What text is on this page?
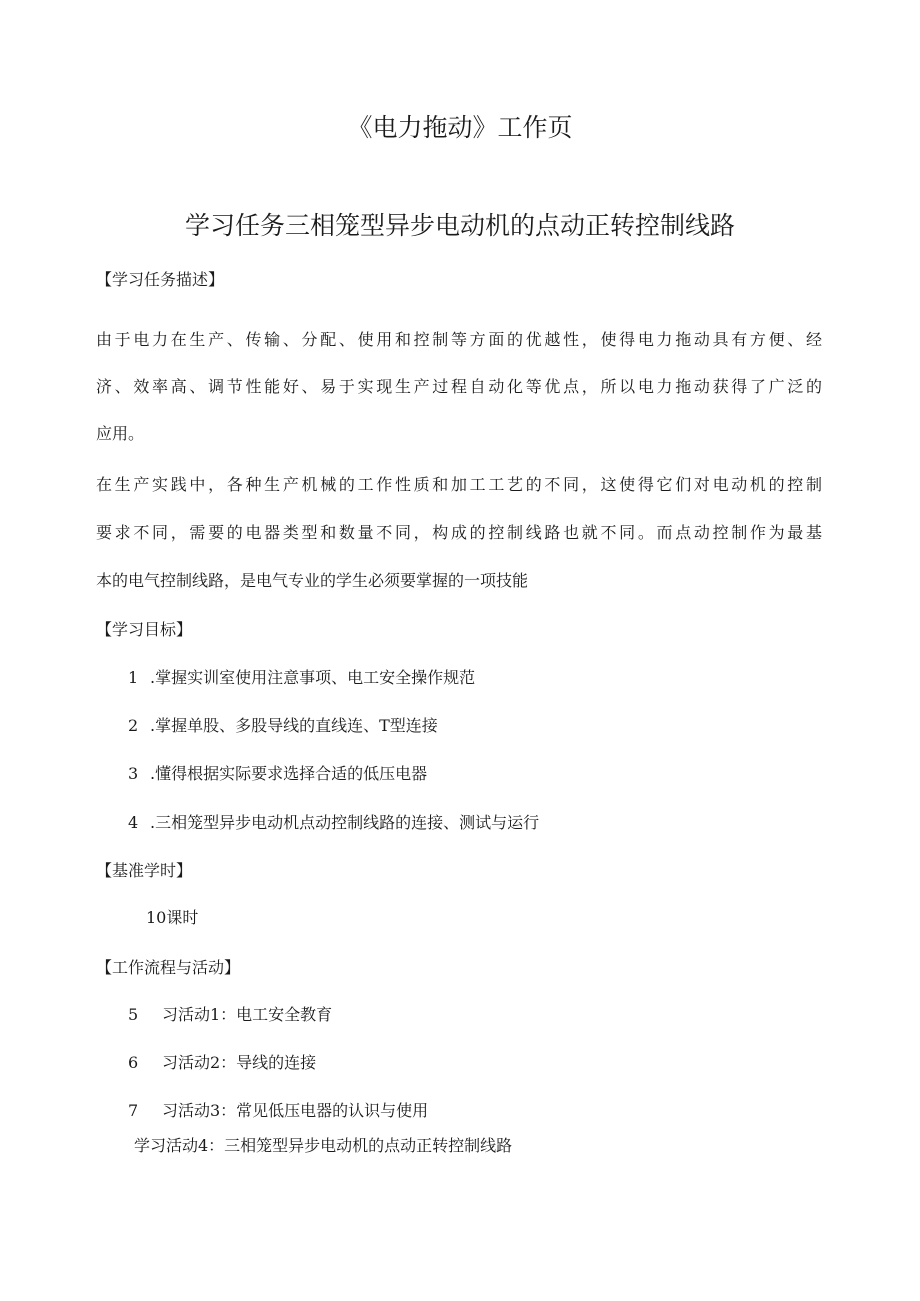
《电力拖动》工作页
学习任务三相笼型异步电动机的点动正转控制线路

【学习任务描述】

由于电力在生产、传输、分配、使用和控制等方面的优越性，使得电力拖动具有方便、经

济、效率高、调节性能好、易于实现生产过程自动化等优点，所以电力拖动获得了广泛的

应用。

在生产实践中，各种生产机械的工作性质和加工工艺的不同，这使得它们对电动机的控制

要求不同，需要的电器类型和数量不同，构成的控制线路也就不同。而点动控制作为最基

本的电气控制线路，是电气专业的学生必须要掌握的一项技能

【学习目标】

1 .掌握实训室使用注意事项、电工安全操作规范

2 .掌握单股、多股导线的直线连、T型连接

3 .懂得根据实际要求选择合适的低压电器

4 .三相笼型异步电动机点动控制线路的连接、测试与运行

【基准学时】

10课时

【工作流程与活动】

5 习活动1：电工安全教育

6 习活动2：导线的连接

7 习活动3：常见低压电器的认识与使用

学习活动4：三相笼型异步电动机的点动正转控制线路
